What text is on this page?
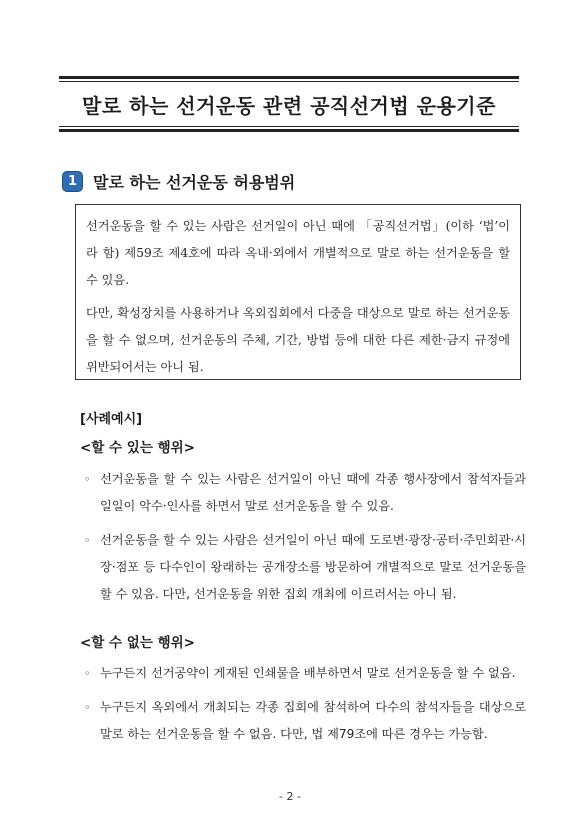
말로 하는 선거운동 관련 공직선거법 운용기준
1 말로 하는 선거운동 허용범위

선거운동을 할 수 있는 사람은 선거일이 아닌 때에 「공직선거법」(이하 ‘법’이라 함) 제59조 제4호에 따라 옥내·외에서 개별적으로 말로 하는 선거운동을 할 수 있음.

다만, 확성장치를 사용하거나 옥외집회에서 다중을 대상으로 말로 하는 선거운동을 할 수 없으며, 선거운동의 주체, 기간, 방법 등에 대한 다른 제한·금지 규정에 위반되어서는 아니 됨.

[사례예시]
<할 수 있는 행위>
◦ 선거운동을 할 수 있는 사람은 선거일이 아닌 때에 각종 행사장에서 참석자들과 일일이 악수·인사를 하면서 말로 선거운동을 할 수 있음.
◦ 선거운동을 할 수 있는 사람은 선거일이 아닌 때에 도로변·광장·공터·주민회관·시장·점포 등 다수인이 왕래하는 공개장소를 방문하여 개별적으로 말로 선거운동을 할 수 있음. 다만, 선거운동을 위한 집회 개최에 이르러서는 아니 됨.
<할 수 없는 행위>
◦ 누구든지 선거공약이 게재된 인쇄물을 배부하면서 말로 선거운동을 할 수 없음.
◦ 누구든지 옥외에서 개최되는 각종 집회에 참석하여 다수의 참석자들을 대상으로 말로 하는 선거운동을 할 수 없음. 다만, 법 제79조에 따른 경우는 가능함.
- 2 -
